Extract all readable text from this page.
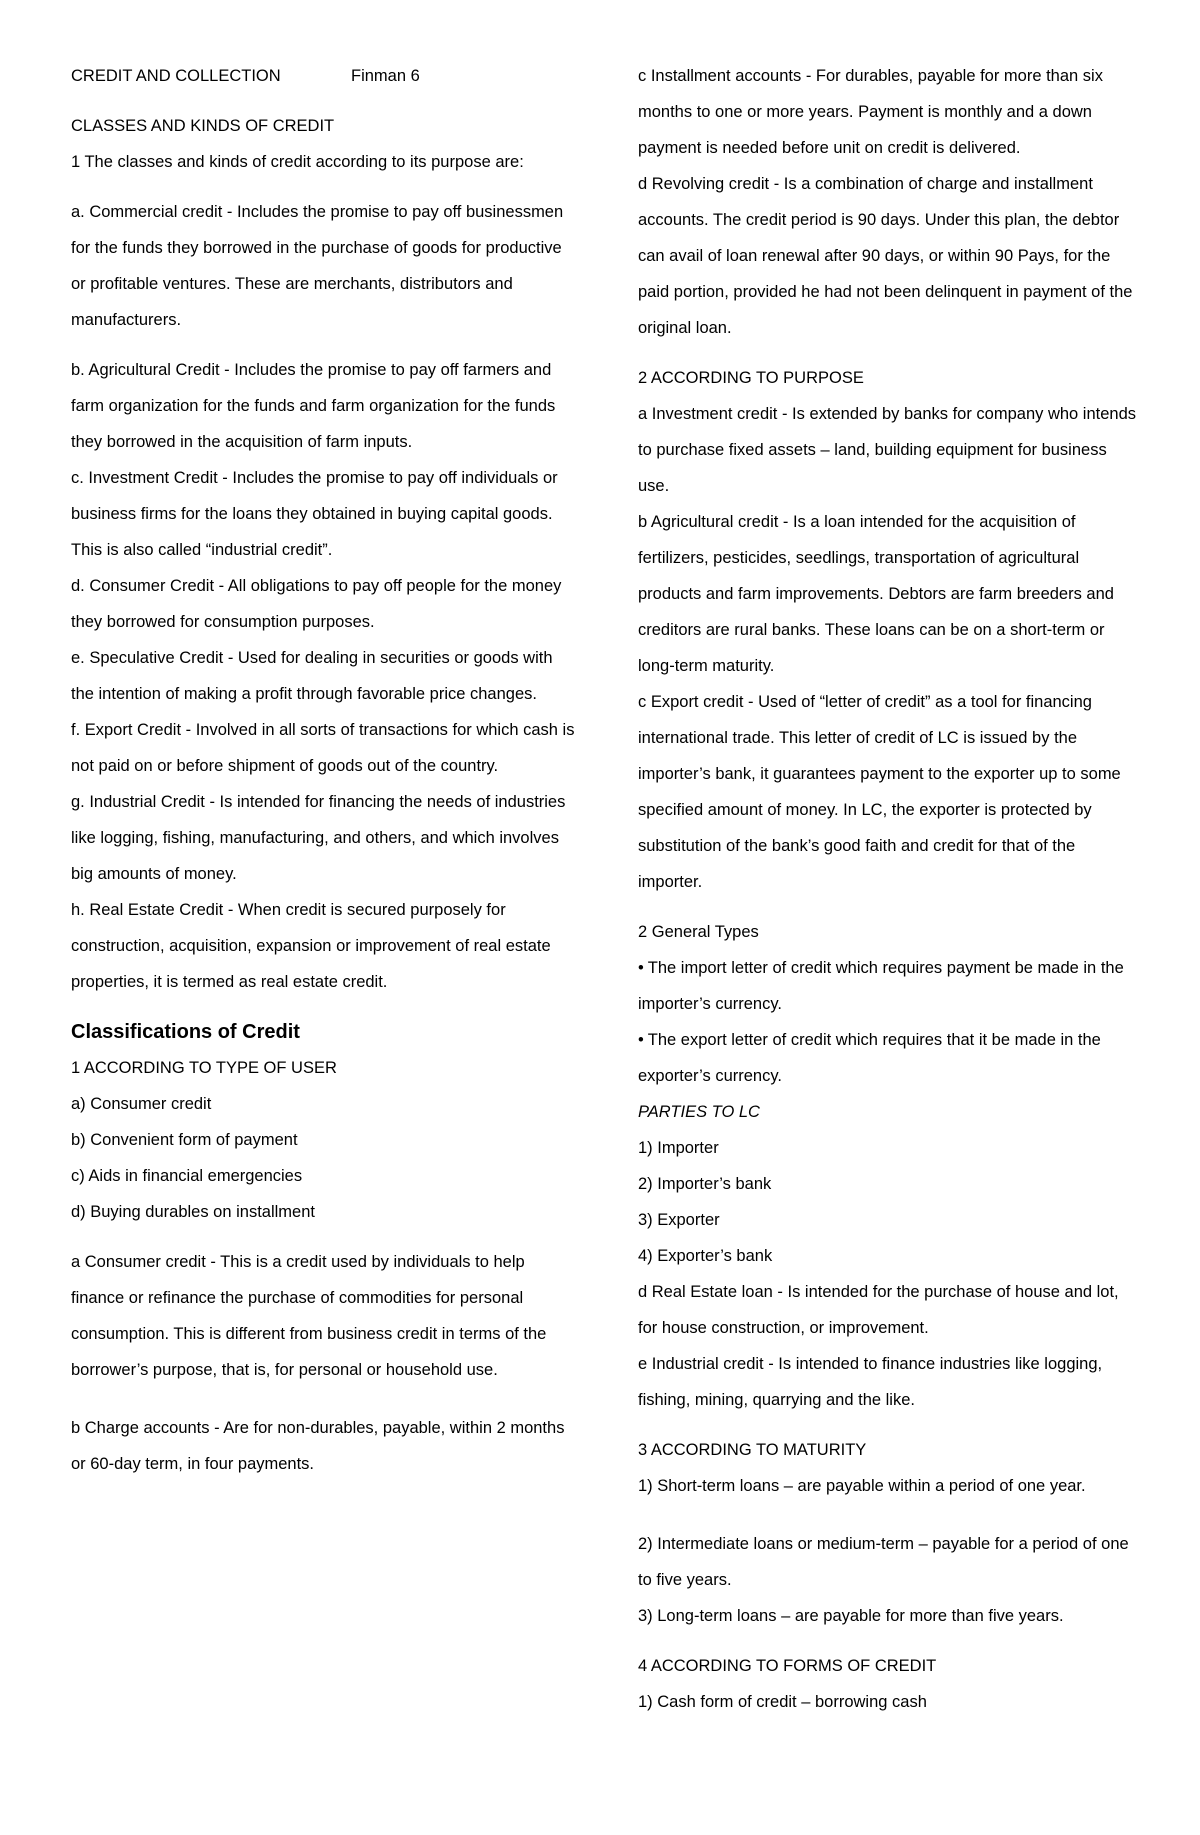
CREDIT AND COLLECTION	Finman 6

CLASSES AND KINDS OF CREDIT

1 The classes and kinds of credit according to its purpose are:

a. Commercial credit - Includes the promise to pay off businessmen for the funds they borrowed in the purchase of goods for productive or profitable ventures. These are merchants, distributors and manufacturers.

b. Agricultural Credit - Includes the promise to pay off farmers and farm organization for the funds and farm organization for the funds they borrowed in the acquisition of farm inputs.

c. Investment Credit - Includes the promise to pay off individuals or business firms for the loans they obtained in buying capital goods.

This is also called “industrial credit”.

d. Consumer Credit - All obligations to pay off people for the money they borrowed for consumption purposes.

e. Speculative Credit - Used for dealing in securities or goods with the intention of making a profit through favorable price changes.

f. Export Credit - Involved in all sorts of transactions for which cash is not paid on or before shipment of goods out of the country.

g. Industrial Credit - Is intended for financing the needs of industries like logging, fishing, manufacturing, and others, and which involves big amounts of money.

h. Real Estate Credit - When credit is secured purposely for construction, acquisition, expansion or improvement of real estate properties, it is termed as real estate credit.

Classifications of Credit

1 ACCORDING TO TYPE OF USER

a) Consumer credit

b) Convenient form of payment

c) Aids in financial emergencies

d) Buying durables on installment

a Consumer credit - This is a credit used by individuals to help finance or refinance the purchase of commodities for personal consumption. This is different from business credit in terms of the borrower’s purpose, that is, for personal or household use.

b Charge accounts - Are for non-durables, payable, within 2 months or 60-day term, in four payments.

c Installment accounts - For durables, payable for more than six months to one or more years. Payment is monthly and a down payment is needed before unit on credit is delivered.

d Revolving credit - Is a combination of charge and installment accounts. The credit period is 90 days. Under this plan, the debtor can avail of loan renewal after 90 days, or within 90 Pays, for the paid portion, provided he had not been delinquent in payment of the original loan.

2 ACCORDING TO PURPOSE

a Investment credit - Is extended by banks for company who intends to purchase fixed assets – land, building equipment for business use.

b Agricultural credit - Is a loan intended for the acquisition of fertilizers, pesticides, seedlings, transportation of agricultural products and farm improvements. Debtors are farm breeders and creditors are rural banks. These loans can be on a short-term or long-term maturity.

c Export credit - Used of “letter of credit” as a tool for financing international trade. This letter of credit of LC is issued by the importer’s bank, it guarantees payment to the exporter up to some specified amount of money. In LC, the exporter is protected by substitution of the bank’s good faith and credit for that of the importer.

2 General Types

• The import letter of credit which requires payment be made in the importer’s currency.

• The export letter of credit which requires that it be made in the exporter’s currency.

PARTIES TO LC

1) Importer

2) Importer’s bank

3) Exporter

4) Exporter’s bank

d Real Estate loan - Is intended for the purchase of house and lot, for house construction, or improvement.

e Industrial credit - Is intended to finance industries like logging, fishing, mining, quarrying and the like.

3 ACCORDING TO MATURITY

1) Short-term loans – are payable within a period of one year.

2) Intermediate loans or medium-term – payable for a period of one to five years.

3) Long-term loans – are payable for more than five years.

4 ACCORDING TO FORMS OF CREDIT

1) Cash form of credit – borrowing cash
